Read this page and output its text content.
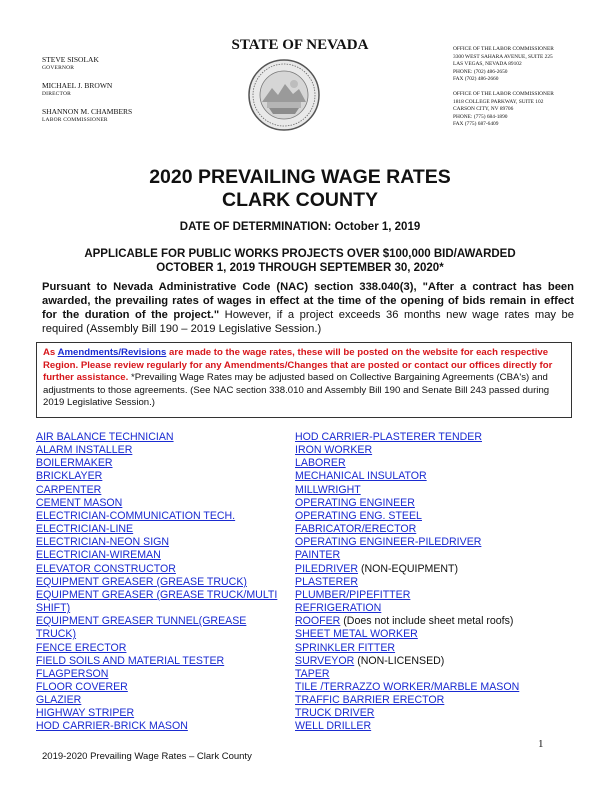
STATE OF NEVADA
STEVE SISOLAK
GOVERNOR
MICHAEL J. BROWN
DIRECTOR
SHANNON M. CHAMBERS
LABOR COMMISSIONER
OFFICE OF THE LABOR COMMISSIONER
3300 WEST SAHARA AVENUE, SUITE 225
LAS VEGAS, NEVADA 89102
PHONE: (702) 486-2650
FAX (702) 486-2660
OFFICE OF THE LABOR COMMISSIONER
1818 COLLEGE PARKWAY, SUITE 102
CARSON CITY, NV 89706
PHONE: (775) 684-1890
FAX (775) 687-6409
2020 PREVAILING WAGE RATES
CLARK COUNTY
DATE OF DETERMINATION: October 1, 2019
APPLICABLE FOR PUBLIC WORKS PROJECTS OVER $100,000 BID/AWARDED
OCTOBER 1, 2019 THROUGH SEPTEMBER 30, 2020*
Pursuant to Nevada Administrative Code (NAC) section 338.040(3), "After a contract has been awarded, the prevailing rates of wages in effect at the time of the opening of bids remain in effect for the duration of the project." However, if a project exceeds 36 months new wage rates may be required (Assembly Bill 190 – 2019 Legislative Session.)
As Amendments/Revisions are made to the wage rates, these will be posted on the website for each respective Region. Please review regularly for any Amendments/Changes that are posted or contact our offices directly for further assistance. *Prevailing Wage Rates may be adjusted based on Collective Bargaining Agreements (CBA's) and adjustments to those agreements. (See NAC section 338.010 and Assembly Bill 190 and Senate Bill 243 passed during 2019 Legislative Session.)
AIR BALANCE TECHNICIAN
ALARM INSTALLER
BOILERMAKER
BRICKLAYER
CARPENTER
CEMENT MASON
ELECTRICIAN-COMMUNICATION TECH.
ELECTRICIAN-LINE
ELECTRICIAN-NEON SIGN
ELECTRICIAN-WIREMAN
ELEVATOR CONSTRUCTOR
EQUIPMENT GREASER (GREASE TRUCK)
EQUIPMENT GREASER (GREASE TRUCK/MULTI
SHIFT)
EQUIPMENT GREASER TUNNEL(GREASE
TRUCK)
FENCE ERECTOR
FIELD SOILS AND MATERIAL TESTER
FLAGPERSON
FLOOR COVERER
GLAZIER
HIGHWAY STRIPER
HOD CARRIER-BRICK MASON
HOD CARRIER-PLASTERER TENDER
IRON WORKER
LABORER
MECHANICAL INSULATOR
MILLWRIGHT
OPERATING ENGINEER
OPERATING ENG. STEEL
FABRICATOR/ERECTOR
OPERATING ENGINEER-PILEDRIVER
PAINTER
PILEDRIVER (NON-EQUIPMENT)
PLASTERER
PLUMBER/PIPEFITTER
REFRIGERATION
ROOFER (Does not include sheet metal roofs)
SHEET METAL WORKER
SPRINKLER FITTER
SURVEYOR (NON-LICENSED)
TAPER
TILE /TERRAZZO WORKER/MARBLE MASON
TRAFFIC BARRIER ERECTOR
TRUCK DRIVER
WELL DRILLER
2019-2020 Prevailing Wage Rates – Clark County
1
